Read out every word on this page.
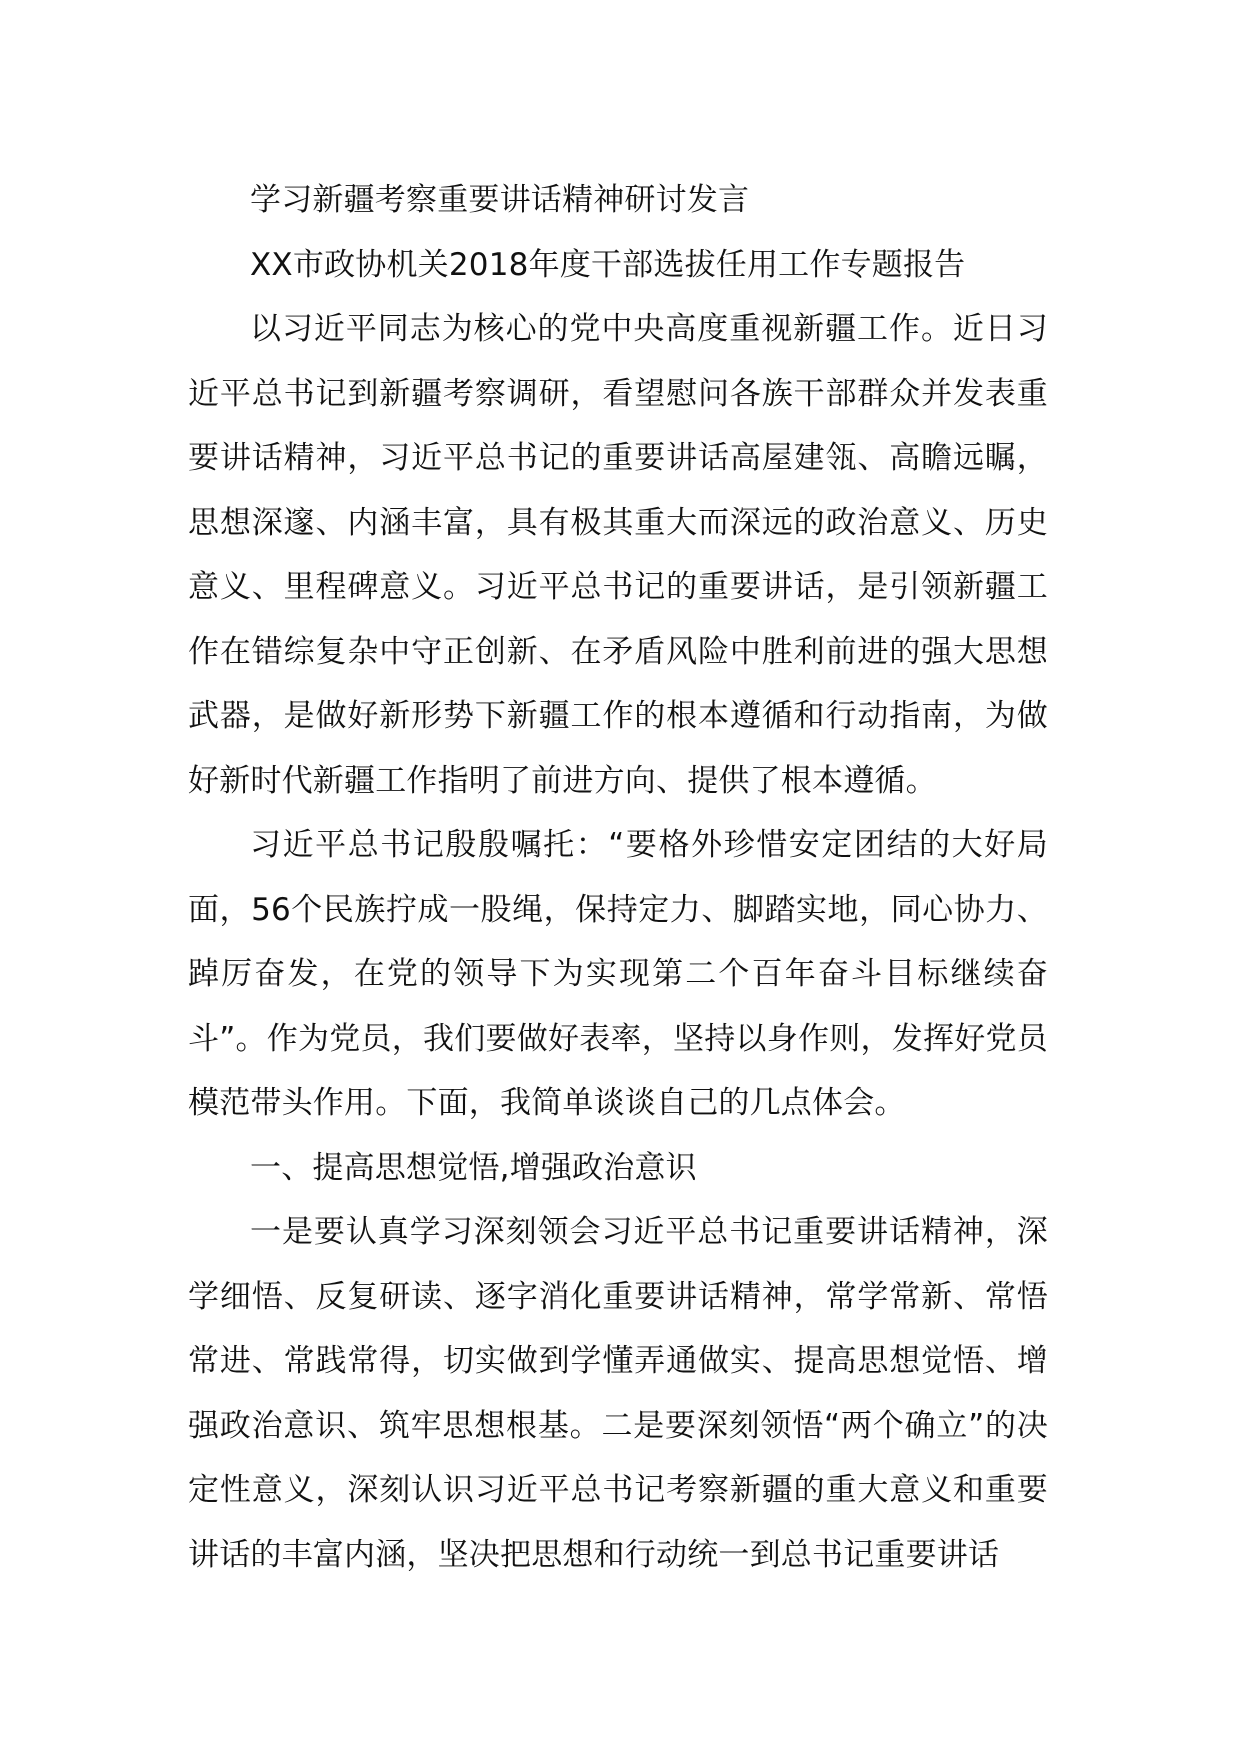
学习新疆考察重要讲话精神研讨发言

XX市政协机关2018年度干部选拔任用工作专题报告

以习近平同志为核心的党中央高度重视新疆工作。近日习近平总书记到新疆考察调研，看望慰问各族干部群众并发表重要讲话精神，习近平总书记的重要讲话高屋建瓴、高瞻远瞩，思想深邃、内涵丰富，具有极其重大而深远的政治意义、历史意义、里程碑意义。习近平总书记的重要讲话，是引领新疆工作在错综复杂中守正创新、在矛盾风险中胜利前进的强大思想武器，是做好新形势下新疆工作的根本遵循和行动指南，为做好新时代新疆工作指明了前进方向、提供了根本遵循。

习近平总书记殷殷嘱托：“要格外珍惜安定团结的大好局面，56个民族拧成一股绳，保持定力、脚踏实地，同心协力、踔厉奋发，在党的领导下为实现第二个百年奋斗目标继续奋斗”。作为党员，我们要做好表率，坚持以身作则，发挥好党员模范带头作用。下面，我简单谈谈自己的几点体会。

一、提高思想觉悟,增强政治意识

一是要认真学习深刻领会习近平总书记重要讲话精神，深学细悟、反复研读、逐字消化重要讲话精神，常学常新、常悟常进、常践常得，切实做到学懂弄通做实、提高思想觉悟、增强政治意识、筑牢思想根基。二是要深刻领悟“两个确立”的决定性意义，深刻认识习近平总书记考察新疆的重大意义和重要讲话的丰富内涵，坚决把思想和行动统一到总书记重要讲话
